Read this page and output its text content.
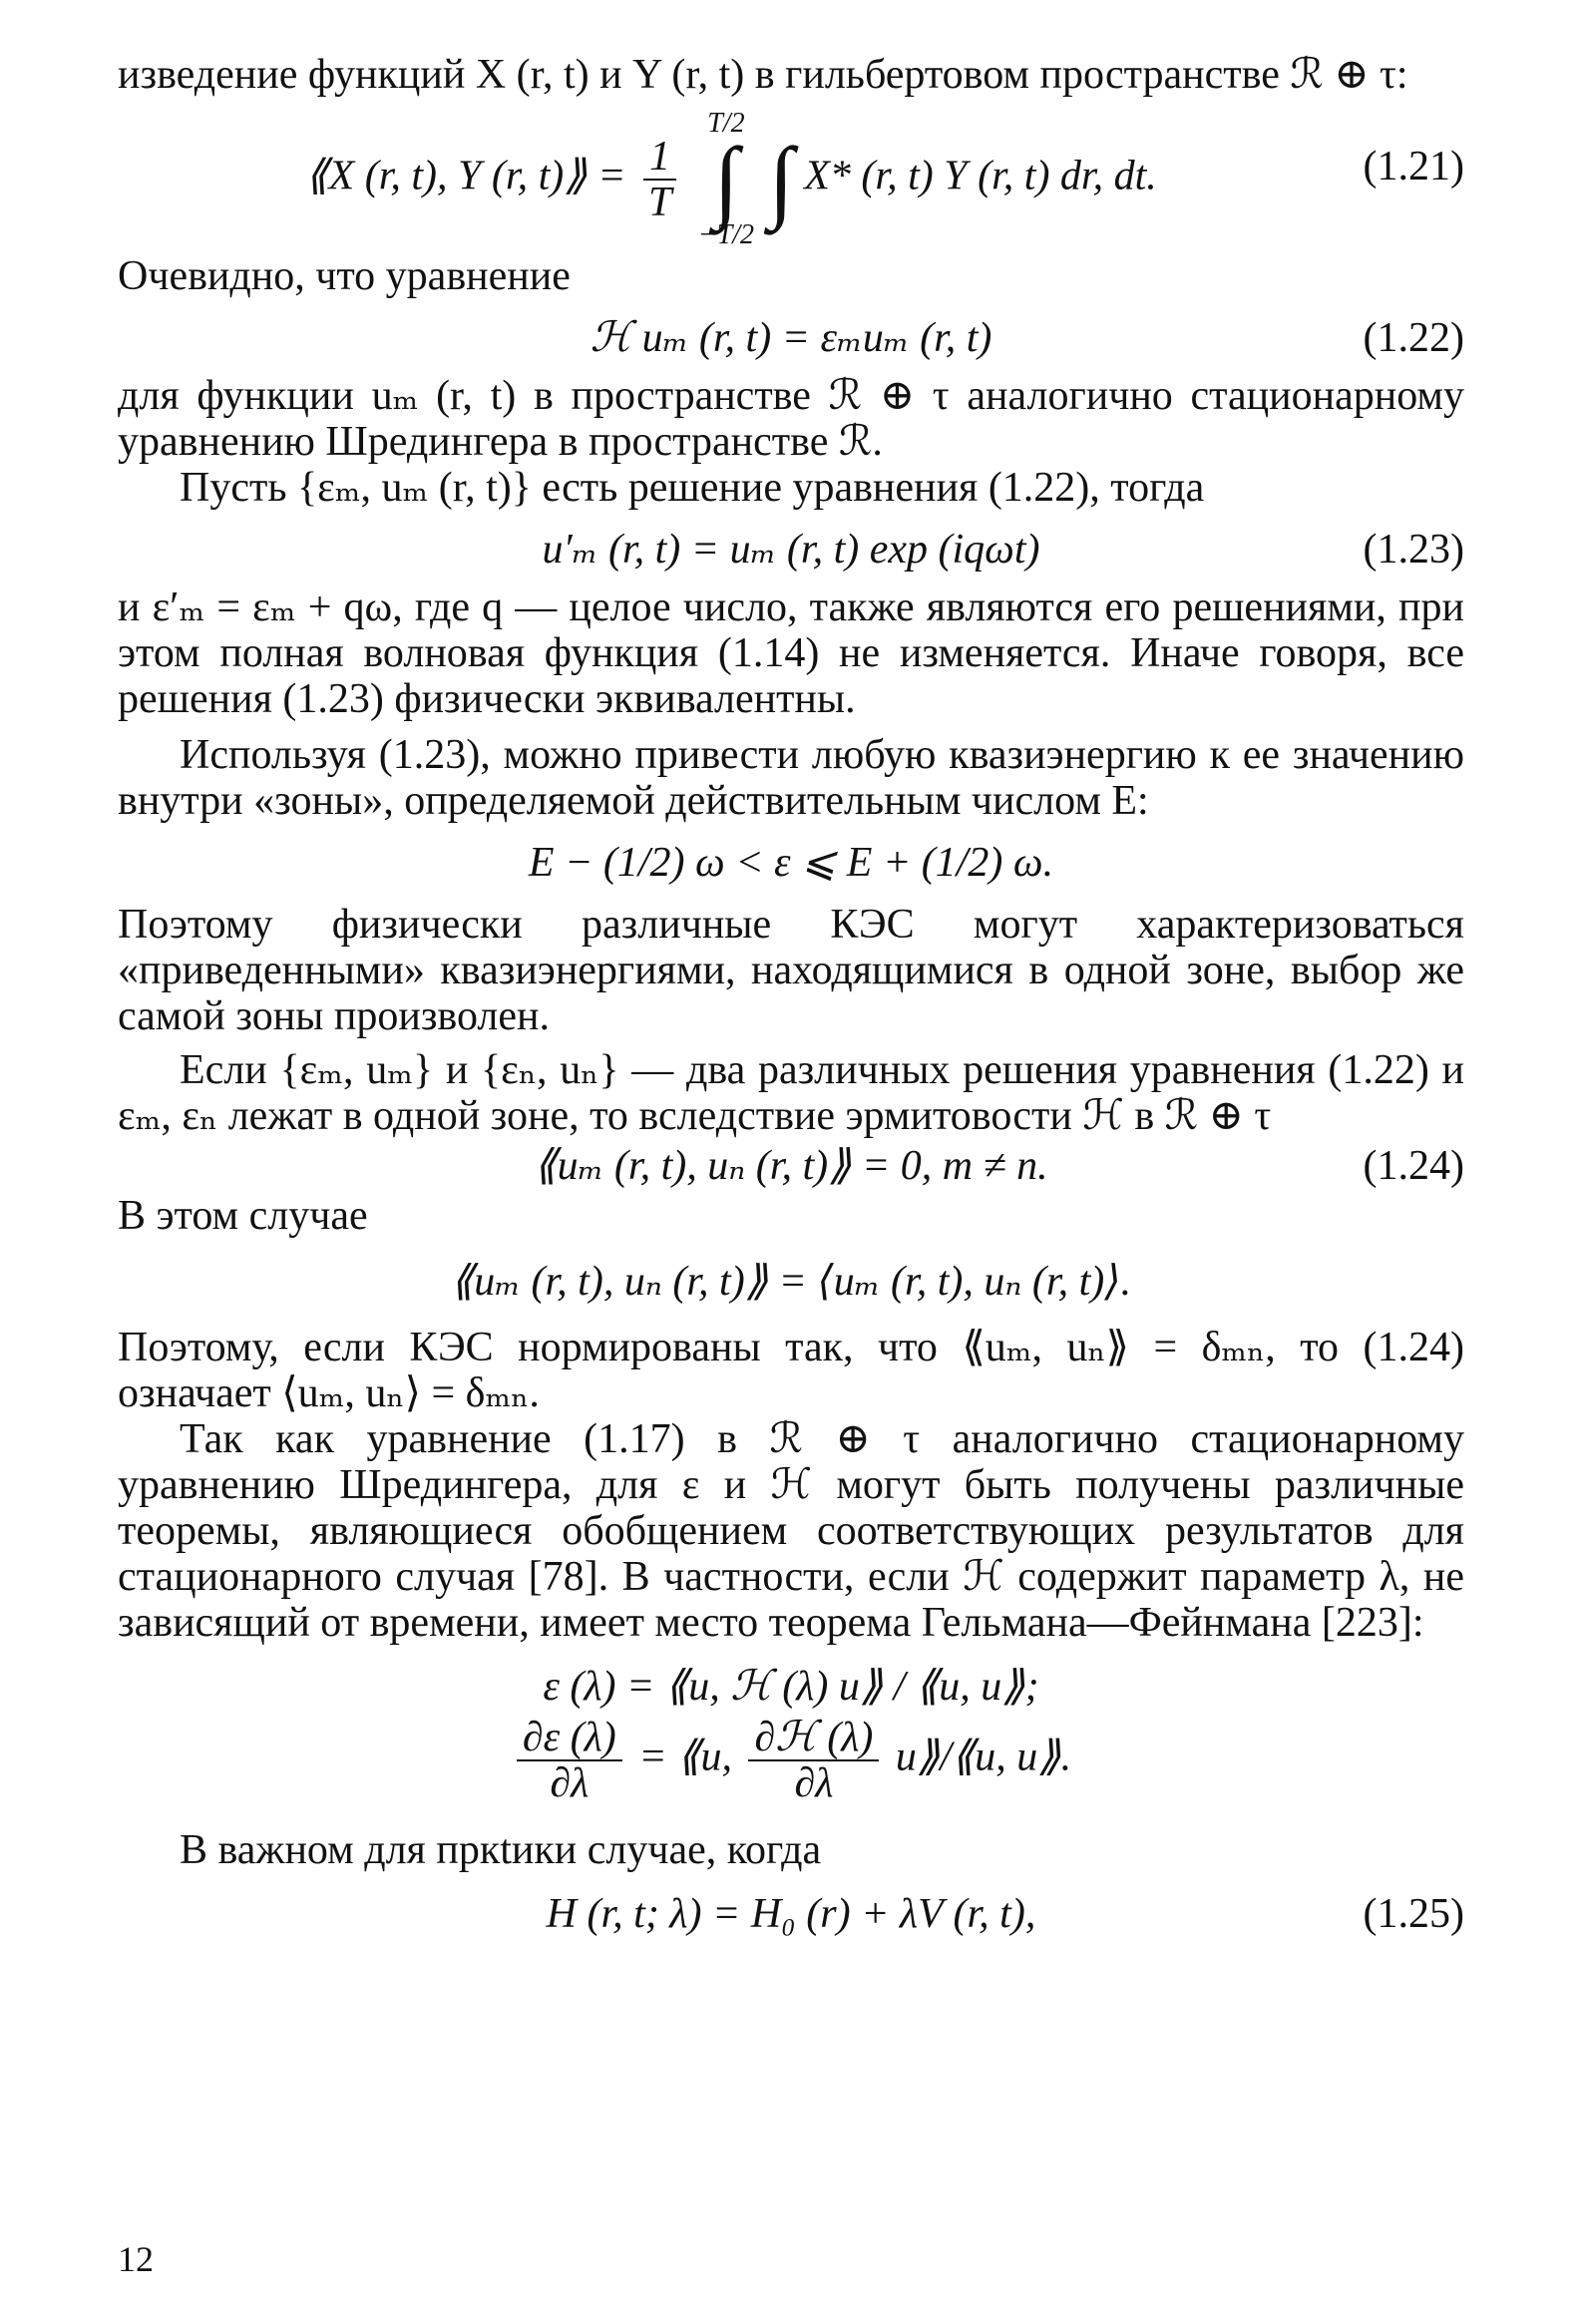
изведение функций X (r, t) и Y (r, t) в гильбертовом пространстве ℛ ⊕ τ:

⟪X (r, t), Y (r, t)⟫ = $\frac{1}{T}$

T/2
∫
−T/2
∫ X* (r, t) Y (r, t) dr, dt.	(1.21)

Очевидно, что уравнение

ℋ uₘ (r, t) = εₘuₘ (r, t)	(1.22)

для функции uₘ (r, t) в пространстве ℛ ⊕ τ аналогично стационарному уравнению Шредингера в пространстве ℛ.

Пусть {εₘ, uₘ (r, t)} есть решение уравнения (1.22), тогда

u′ₘ (r, t) = uₘ (r, t) exp (iqωt)	(1.23)

и ε′ₘ = εₘ + qω, где q — целое число, также являются его решениями, при этом полная волновая функция (1.14) не изменяется. Иначе говоря, все решения (1.23) физически эквивалентны.

Используя (1.23), можно привести любую квазиэнергию к ее значению внутри «зоны», определяемой действительным числом E:

E − (1/2) ω < ε ⩽ E + (1/2) ω.

Поэтому физически различные КЭС могут характеризоваться «приведенными» квазиэнергиями, находящимися в одной зоне, выбор же самой зоны произволен.

Если {εₘ, uₘ} и {εₙ, uₙ} — два различных решения уравнения (1.22) и εₘ, εₙ лежат в одной зоне, то вследствие эрмитовости ℋ в ℛ ⊕ τ

⟪uₘ (r, t), uₙ (r, t)⟫ = 0, m ≠ n.	(1.24)

В этом случае

⟪uₘ (r, t), uₙ (r, t)⟫ = ⟨uₘ (r, t), uₙ (r, t)⟩.

Поэтому, если КЭС нормированы так, что ⟪uₘ, uₙ⟫ = δₘₙ, то (1.24) означает ⟨uₘ, uₙ⟩ = δₘₙ.

Так как уравнение (1.17) в ℛ ⊕ τ аналогично стационарному уравнению Шредингера, для ε и ℋ могут быть получены различные теоремы, являющиеся обобщением соответствующих результатов для стационарного случая [78]. В частности, если ℋ содержит параметр λ, не зависящий от времени, имеет место теорема Гельмана—Фейнмана [223]:

ε (λ) = ⟪u, ℋ (λ) u⟫ / ⟪u, u⟫;
$\frac{\partial\varepsilon (\lambda)}{\partial\lambda}$ = ⟪u, $\frac{\text{∂ℋ (λ)}}{\partial\lambda}$ u⟫/⟪u, u⟫.

В важном для пркtики случае, когда

H (r, t; λ) = H₀ (r) + λV (r, t),	(1.25)
12
